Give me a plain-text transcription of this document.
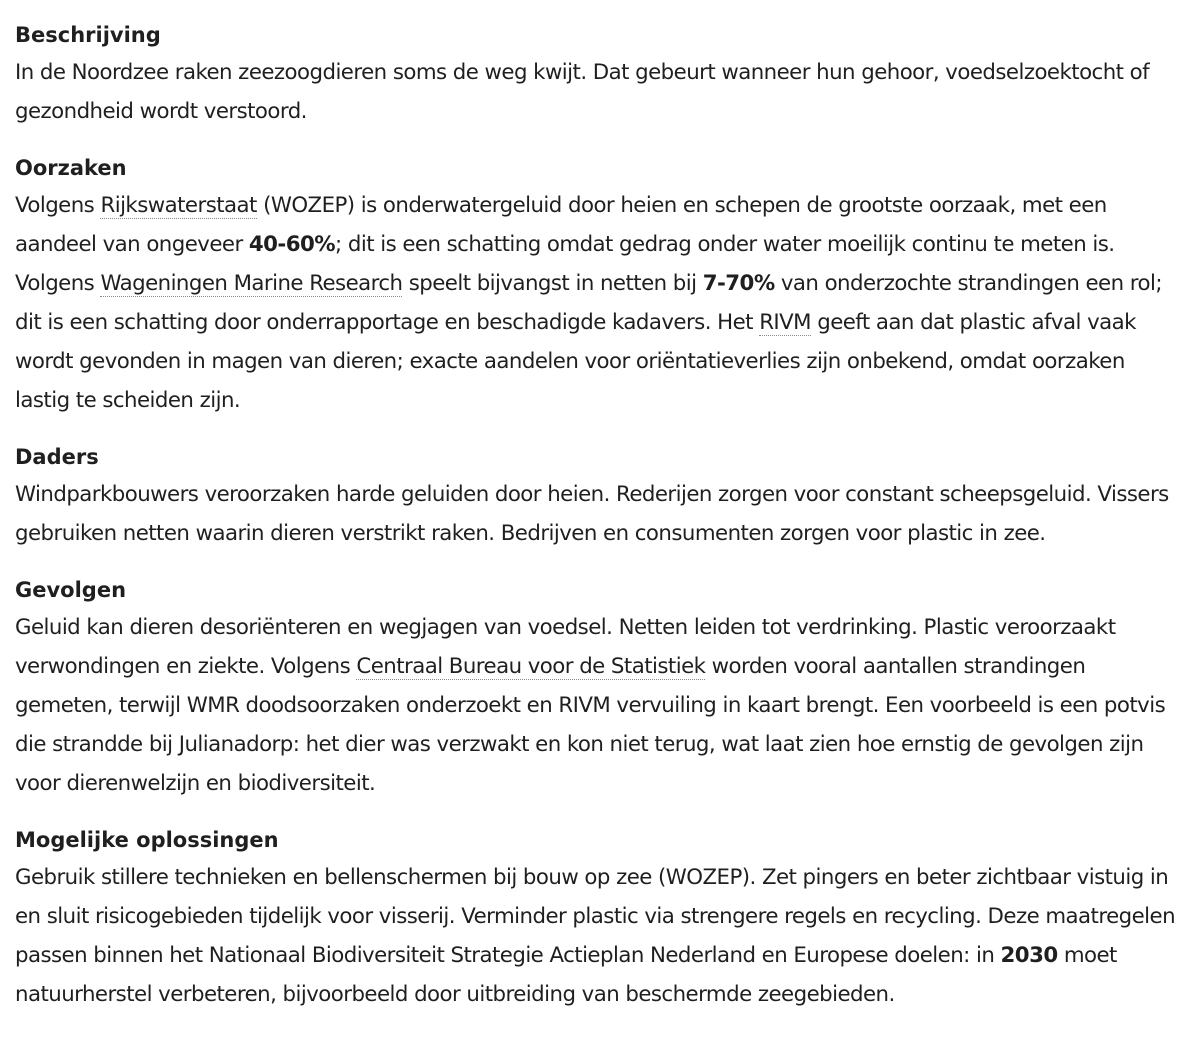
Beschrijving

In de Noordzee raken zeezoogdieren soms de weg kwijt. Dat gebeurt wanneer hun gehoor, voedselzoektocht of gezondheid wordt verstoord.

Oorzaken

Volgens Rijkswaterstaat (WOZEP) is onderwatergeluid door heien en schepen de grootste oorzaak, met een aandeel van ongeveer 40-60%; dit is een schatting omdat gedrag onder water moeilijk continu te meten is. Volgens Wageningen Marine Research speelt bijvangst in netten bij 7-70% van onderzochte strandingen een rol; dit is een schatting door onderrapportage en beschadigde kadavers. Het RIVM geeft aan dat plastic afval vaak wordt gevonden in magen van dieren; exacte aandelen voor oriëntatieverlies zijn onbekend, omdat oorzaken lastig te scheiden zijn.

Daders

Windparkbouwers veroorzaken harde geluiden door heien. Rederijen zorgen voor constant scheepsgeluid. Vissers gebruiken netten waarin dieren verstrikt raken. Bedrijven en consumenten zorgen voor plastic in zee.

Gevolgen

Geluid kan dieren desoriënteren en wegjagen van voedsel. Netten leiden tot verdrinking. Plastic veroorzaakt verwondingen en ziekte. Volgens Centraal Bureau voor de Statistiek worden vooral aantallen strandingen gemeten, terwijl WMR doodsoorzaken onderzoekt en RIVM vervuiling in kaart brengt. Een voorbeeld is een potvis die strandde bij Julianadorp: het dier was verzwakt en kon niet terug, wat laat zien hoe ernstig de gevolgen zijn voor dierenwelzijn en biodiversiteit.

Mogelijke oplossingen

Gebruik stillere technieken en bellenschermen bij bouw op zee (WOZEP). Zet pingers en beter zichtbaar vistuig in en sluit risicogebieden tijdelijk voor visserij. Verminder plastic via strengere regels en recycling. Deze maatregelen passen binnen het Nationaal Biodiversiteit Strategie Actieplan Nederland en Europese doelen: in 2030 moet natuurherstel verbeteren, bijvoorbeeld door uitbreiding van beschermde zeegebieden.
